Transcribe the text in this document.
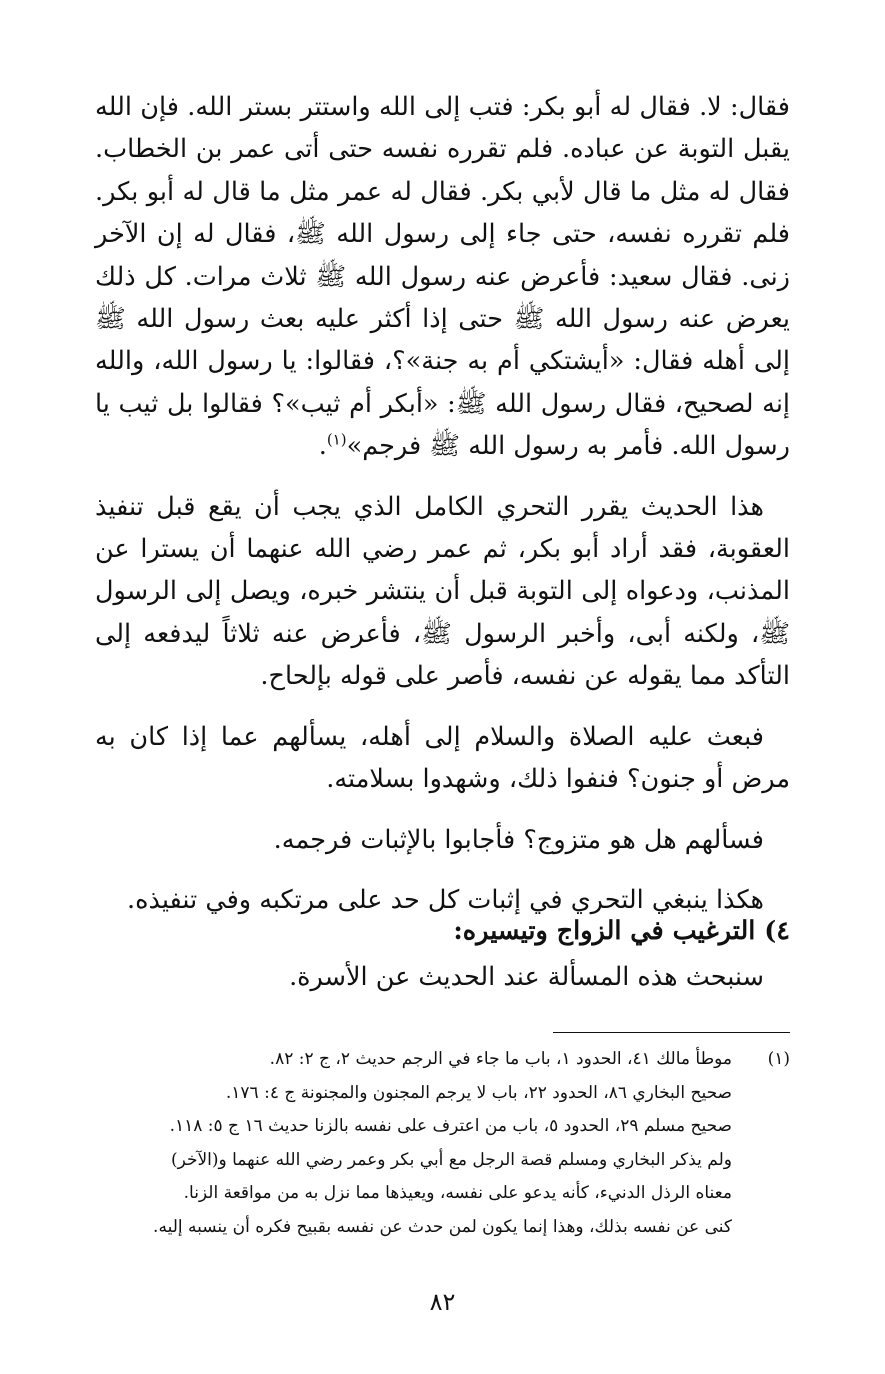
فقال: لا. فقال له أبو بكر: فتب إلى الله واستتر بستر الله. فإن الله يقبل التوبة عن عباده. فلم تقرره نفسه حتى أتى عمر بن الخطاب. فقال له مثل ما قال لأبي بكر. فقال له عمر مثل ما قال له أبو بكر. فلم تقرره نفسه، حتى جاء إلى رسول الله ﷺ، فقال له إن الآخر زنى. فقال سعيد: فأعرض عنه رسول الله ﷺ ثلاث مرات. كل ذلك يعرض عنه رسول الله ﷺ حتى إذا أكثر عليه بعث رسول الله ﷺ إلى أهله فقال: «أيشتكي أم به جنة»؟، فقالوا: يا رسول الله، والله إنه لصحيح، فقال رسول الله ﷺ: «أبكر أم ثيب»؟ فقالوا بل ثيب يا رسول الله. فأمر به رسول الله ﷺ فرجم»$^{(١)}$.

هذا الحديث يقرر التحري الكامل الذي يجب أن يقع قبل تنفيذ العقوبة، فقد أراد أبو بكر، ثم عمر رضي الله عنهما أن يسترا عن المذنب، ودعواه إلى التوبة قبل أن ينتشر خبره، ويصل إلى الرسول ﷺ، ولكنه أبى، وأخبر الرسول ﷺ، فأعرض عنه ثلاثاً ليدفعه إلى التأكد مما يقوله عن نفسه، فأصر على قوله بإلحاح.

فبعث عليه الصلاة والسلام إلى أهله، يسألهم عما إذا كان به مرض أو جنون؟ فنفوا ذلك، وشهدوا بسلامته.

فسألهم هل هو متزوج؟ فأجابوا بالإثبات فرجمه.

هكذا ينبغي التحري في إثبات كل حد على مرتكبه وفي تنفيذه.

٤) الترغيب في الزواج وتيسيره:

سنبحث هذه المسألة عند الحديث عن الأسرة.

(١)موطأ مالك ٤١، الحدود ١، باب ما جاء في الرجم حديث ٢، ج ٢: ٨٢.

صحيح البخاري ٨٦، الحدود ٢٢، باب لا يرجم المجنون والمجنونة ج ٤: ١٧٦.

صحيح مسلم ٢٩، الحدود ٥، باب من اعترف على نفسه بالزنا حديث ١٦ ج ٥: ١١٨.

ولم يذكر البخاري ومسلم قصة الرجل مع أبي بكر وعمر رضي الله عنهما و(الآخر)

معناه الرذل الدنيء، كأنه يدعو على نفسه، ويعيذها مما نزل به من مواقعة الزنا.

كنى عن نفسه بذلك، وهذا إنما يكون لمن حدث عن نفسه بقبيح فكره أن ينسبه إليه.

٨٢
